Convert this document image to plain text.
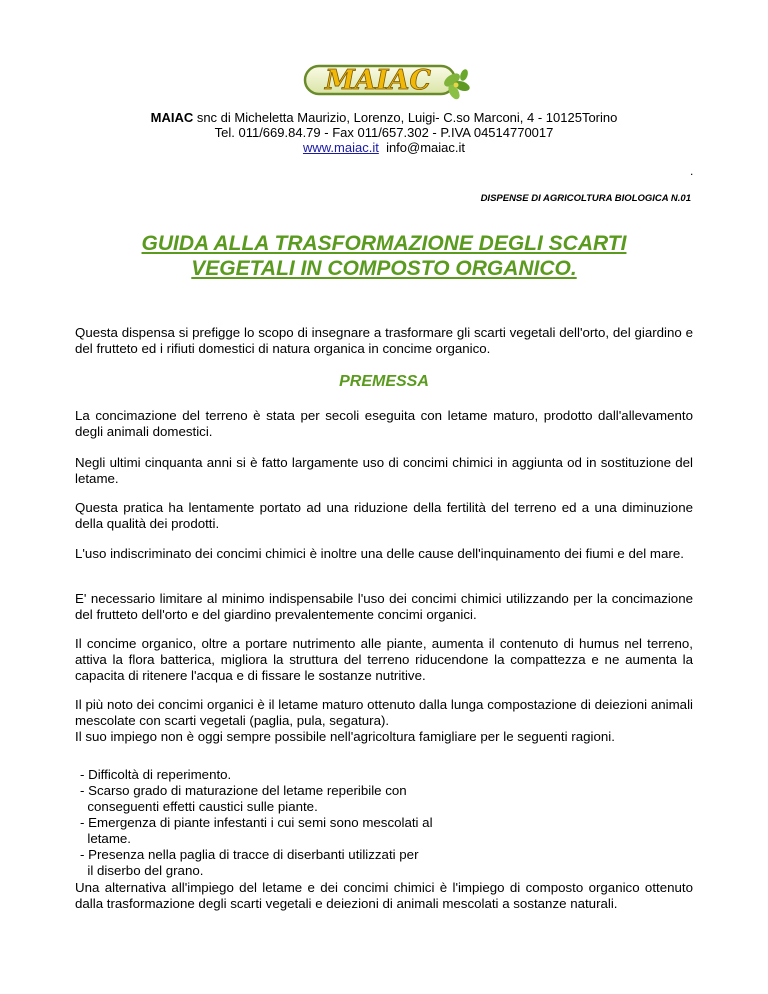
MAIAC
MAIAC snc di Micheletta Maurizio, Lorenzo, Luigi- C.so Marconi, 4 - 10125Torino
Tel. 011/669.84.79 - Fax 011/657.302 - P.IVA 04514770017
www.maiac.it info@maiac.it
.
DISPENSE DI AGRICOLTURA BIOLOGICA N.01
GUIDA ALLA TRASFORMAZIONE DEGLI SCARTI
VEGETALI IN COMPOSTO ORGANICO.

Questa dispensa si prefigge lo scopo di insegnare a trasformare gli scarti vegetali dell'orto, del giardino e del frutteto ed i rifiuti domestici di natura organica in concime organico.

PREMESSA

La concimazione del terreno è stata per secoli eseguita con letame maturo, prodotto dall'allevamento degli animali domestici.

Negli ultimi cinquanta anni si è fatto largamente uso di concimi chimici in aggiunta od in sostituzione del letame.

Questa pratica ha lentamente portato ad una riduzione della fertilità del terreno ed a una diminuzione della qualità dei prodotti.

L'uso indiscriminato dei concimi chimici è inoltre una delle cause dell'inquinamento dei fiumi e del mare.

E' necessario limitare al minimo indispensabile l'uso dei concimi chimici utilizzando per la concimazione del frutteto dell'orto e del giardino prevalentemente concimi organici.

Il concime organico, oltre a portare nutrimento alle piante, aumenta il contenuto di humus nel terreno, attiva la flora batterica, migliora la struttura del terreno riducendone la compattezza e ne aumenta la capacita di ritenere l'acqua e di fissare le sostanze nutritive.

Il più noto dei concimi organici è il letame maturo ottenuto dalla lunga compostazione di deiezioni animali mescolate con scarti vegetali (paglia, pula, segatura).

Il suo impiego non è oggi sempre possibile nell'agricoltura famigliare per le seguenti ragioni.

- Difficoltà di reperimento.
- Scarso grado di maturazione del letame reperibile con
conseguenti effetti caustici sulle piante.
- Emergenza di piante infestanti i cui semi sono mescolati al
letame.
- Presenza nella paglia di tracce di diserbanti utilizzati per
il diserbo del grano.

Una alternativa all'impiego del letame e dei concimi chimici è l'impiego di composto organico ottenuto dalla trasformazione degli scarti vegetali e deiezioni di animali mescolati a sostanze naturali.
